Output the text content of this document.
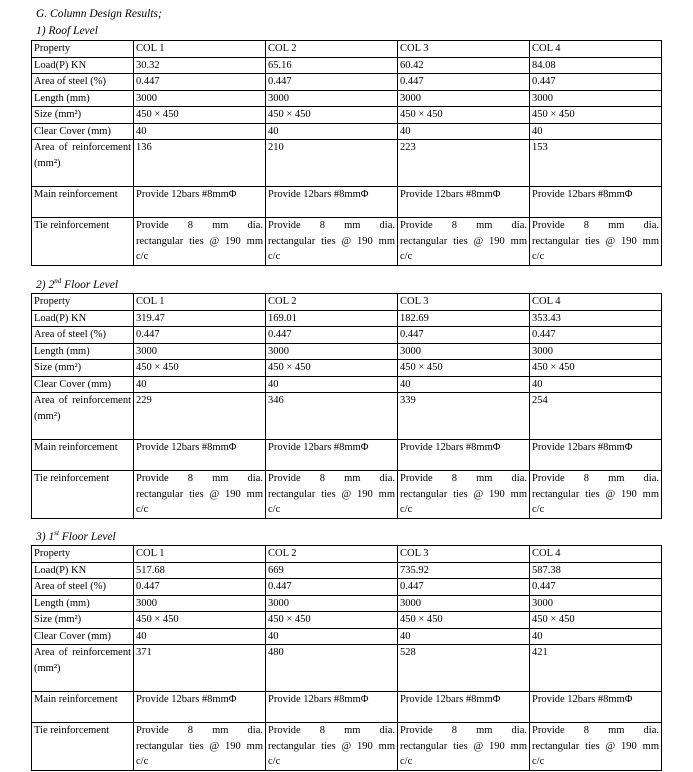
G. Column Design Results;
1) Roof Level
Property	COL 1	COL 2	COL 3	COL 4
Load(P) KN	30.32	65.16	60.42	84.08
Area of steel (%)	0.447	0.447	0.447	0.447
Length (mm)	3000	3000	3000	3000
Size (mm²)	450 × 450	450 × 450	450 × 450	450 × 450
Clear Cover (mm)	40	40	40	40
Area of reinforcement (mm²)	136	210	223	153
Main reinforcement	Provide 12bars #8mmΦ	Provide 12bars #8mmΦ	Provide 12bars #8mmΦ	Provide 12bars #8mmΦ
Tie reinforcement	Provide 8 mm dia. rectangular ties @ 190 mm c/c	Provide 8 mm dia. rectangular ties @ 190 mm c/c	Provide 8 mm dia. rectangular ties @ 190 mm c/c	Provide 8 mm dia. rectangular ties @ 190 mm c/c
2) 2nd Floor Level
Property	COL 1	COL 2	COL 3	COL 4
Load(P) KN	319.47	169.01	182.69	353.43
Area of steel (%)	0.447	0.447	0.447	0.447
Length (mm)	3000	3000	3000	3000
Size (mm²)	450 × 450	450 × 450	450 × 450	450 × 450
Clear Cover (mm)	40	40	40	40
Area of reinforcement (mm²)	229	346	339	254
Main reinforcement	Provide 12bars #8mmΦ	Provide 12bars #8mmΦ	Provide 12bars #8mmΦ	Provide 12bars #8mmΦ
Tie reinforcement	Provide 8 mm dia. rectangular ties @ 190 mm c/c	Provide 8 mm dia. rectangular ties @ 190 mm c/c	Provide 8 mm dia. rectangular ties @ 190 mm c/c	Provide 8 mm dia. rectangular ties @ 190 mm c/c
3) 1st Floor Level
Property	COL 1	COL 2	COL 3	COL 4
Load(P) KN	517.68	669	735.92	587.38
Area of steel (%)	0.447	0.447	0.447	0.447
Length (mm)	3000	3000	3000	3000
Size (mm²)	450 × 450	450 × 450	450 × 450	450 × 450
Clear Cover (mm)	40	40	40	40
Area of reinforcement (mm²)	371	480	528	421
Main reinforcement	Provide 12bars #8mmΦ	Provide 12bars #8mmΦ	Provide 12bars #8mmΦ	Provide 12bars #8mmΦ
Tie reinforcement	Provide 8 mm dia. rectangular ties @ 190 mm c/c	Provide 8 mm dia. rectangular ties @ 190 mm c/c	Provide 8 mm dia. rectangular ties @ 190 mm c/c	Provide 8 mm dia. rectangular ties @ 190 mm c/c
